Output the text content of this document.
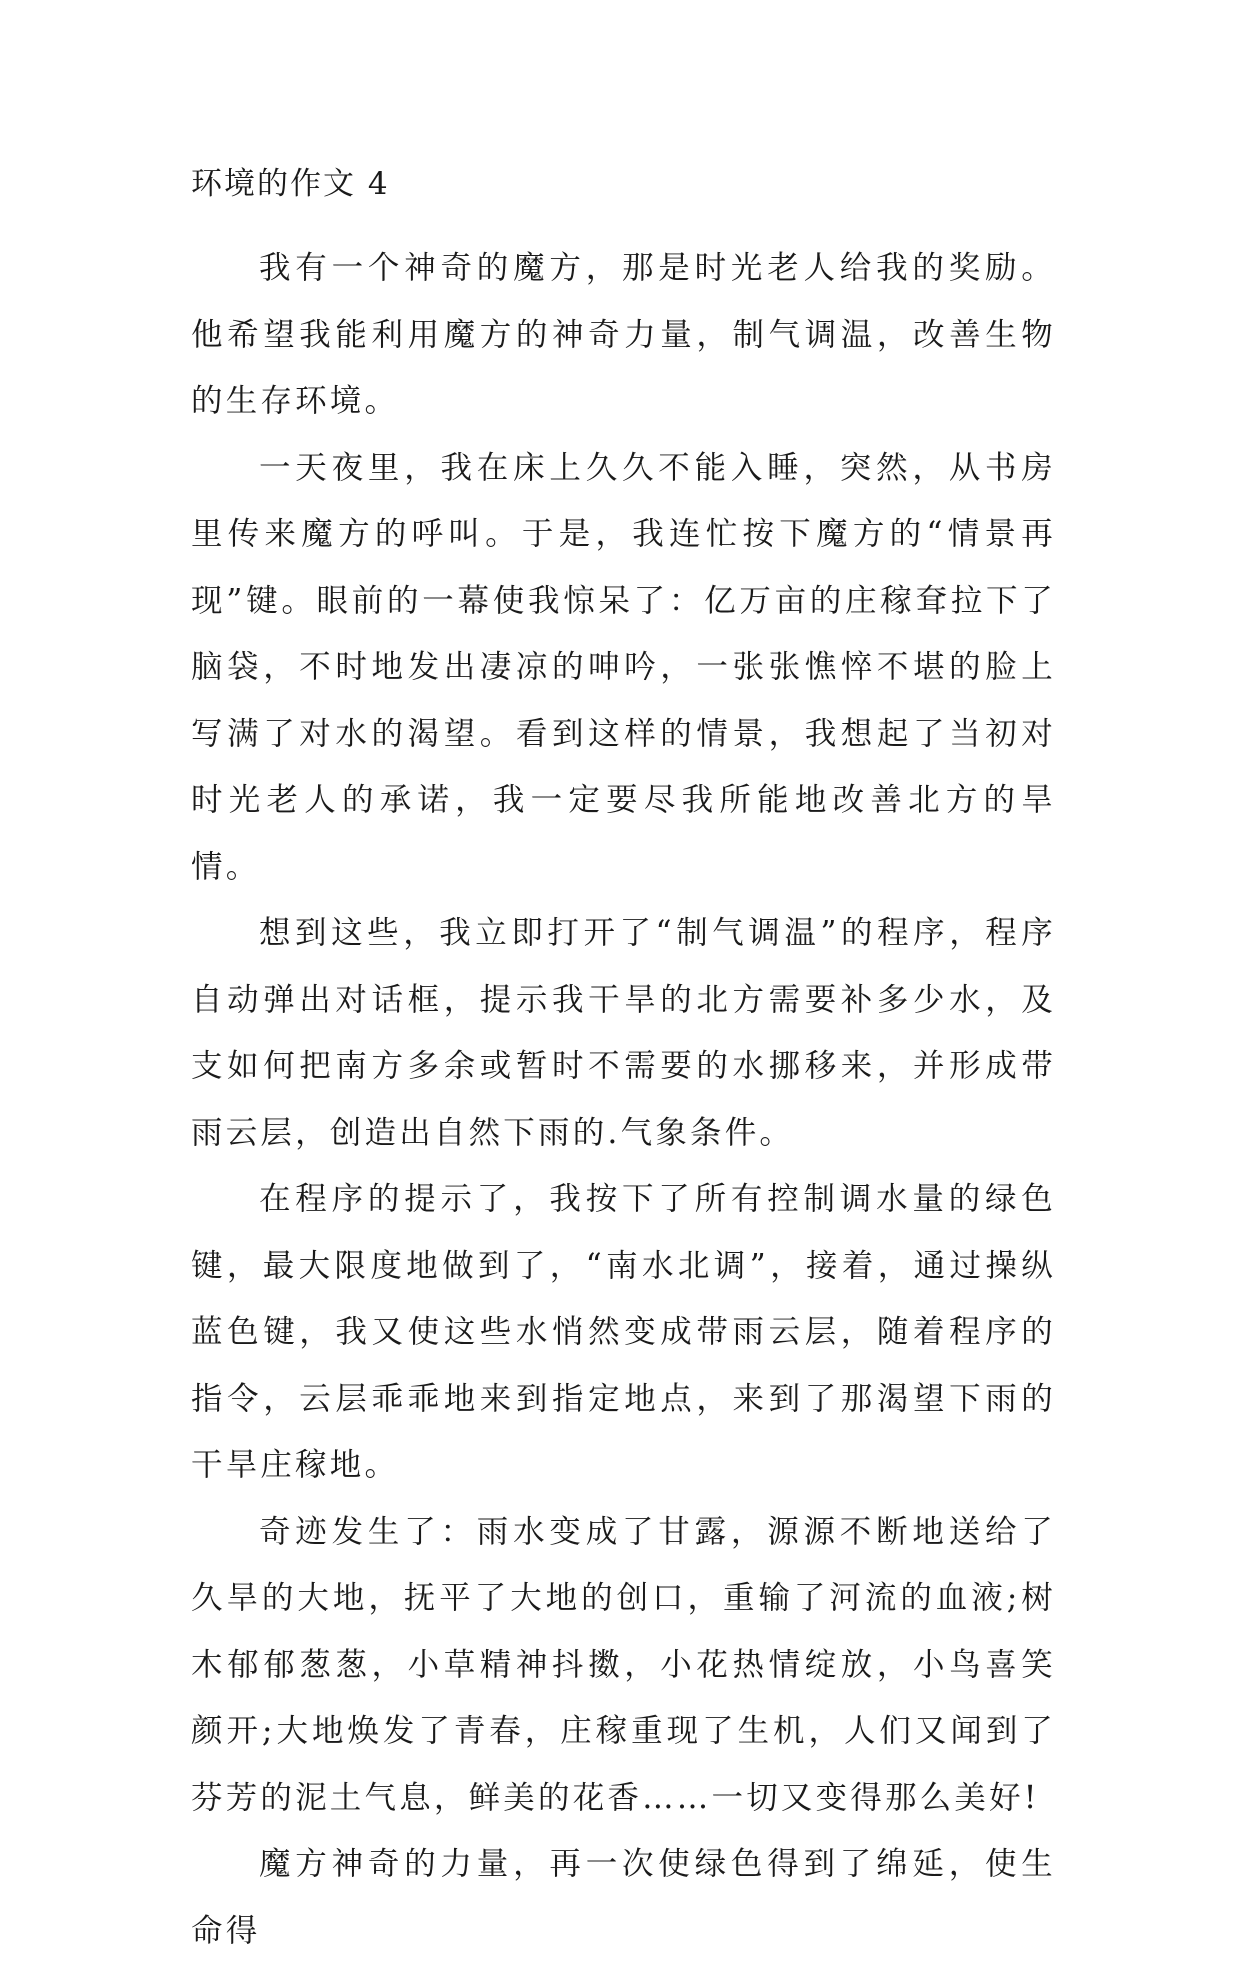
环境的作文 4

我有一个神奇的魔方，那是时光老人给我的奖励。他希望我能利用魔方的神奇力量，制气调温，改善生物的生存环境。

一天夜里，我在床上久久不能入睡，突然，从书房里传来魔方的呼叫。于是，我连忙按下魔方的“情景再现”键。眼前的一幕使我惊呆了：亿万亩的庄稼耷拉下了脑袋，不时地发出凄凉的呻吟，一张张憔悴不堪的脸上写满了对水的渴望。看到这样的情景，我想起了当初对时光老人的承诺，我一定要尽我所能地改善北方的旱情。

想到这些，我立即打开了“制气调温”的程序，程序自动弹出对话框，提示我干旱的北方需要补多少水，及支如何把南方多余或暂时不需要的水挪移来，并形成带雨云层，创造出自然下雨的.气象条件。

在程序的提示了，我按下了所有控制调水量的绿色键，最大限度地做到了，“南水北调”，接着，通过操纵蓝色键，我又使这些水悄然变成带雨云层，随着程序的指令，云层乖乖地来到指定地点，来到了那渴望下雨的干旱庄稼地。

奇迹发生了：雨水变成了甘露，源源不断地送给了久旱的大地，抚平了大地的创口，重输了河流的血液;树木郁郁葱葱，小草精神抖擞，小花热情绽放，小鸟喜笑颜开;大地焕发了青春，庄稼重现了生机，人们又闻到了芬芳的泥土气息，鲜美的花香……一切又变得那么美好!

魔方神奇的力量，再一次使绿色得到了绵延，使生命得
